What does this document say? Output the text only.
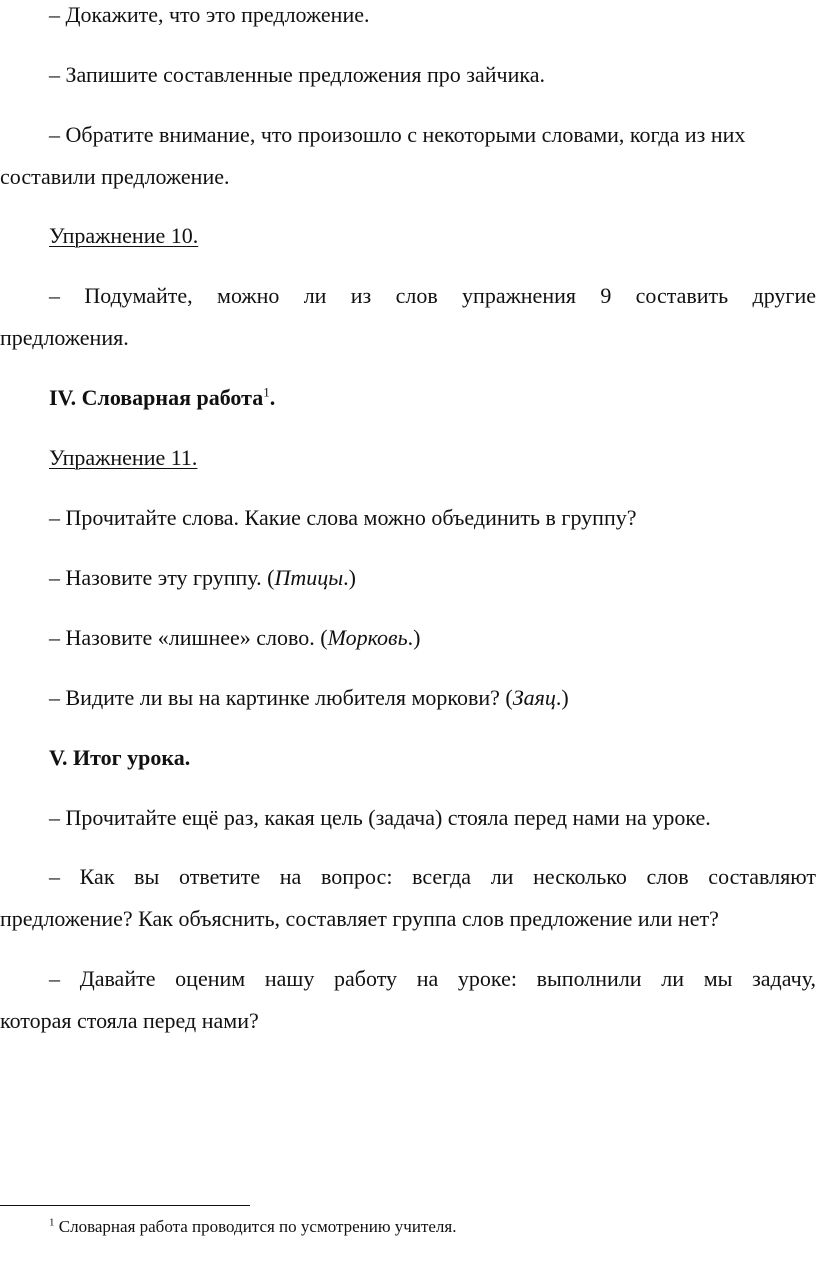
– Докажите, что это предложение.

– Запишите составленные предложения про зайчика.

– Обратите внимание, что произошло с некоторыми словами, когда из них

составили предложение.

Упражнение 10.

– Подумайте, можно ли из слов упражнения 9 составить другие

предложения.

IV. Словарная работа$^1$.

Упражнение 11.

– Прочитайте слова. Какие слова можно объединить в группу?

– Назовите эту группу. (Птицы.)

– Назовите «лишнее» слово. (Морковь.)

– Видите ли вы на картинке любителя моркови? (Заяц.)

V. Итог урока.

– Прочитайте ещё раз, какая цель (задача) стояла перед нами на уроке.

– Как вы ответите на вопрос: всегда ли несколько слов составляют

предложение? Как объяснить, составляет группа слов предложение или нет?

– Давайте оценим нашу работу на уроке: выполнили ли мы задачу,

которая стояла перед нами?

$^1$ Словарная работа проводится по усмотрению учителя.
